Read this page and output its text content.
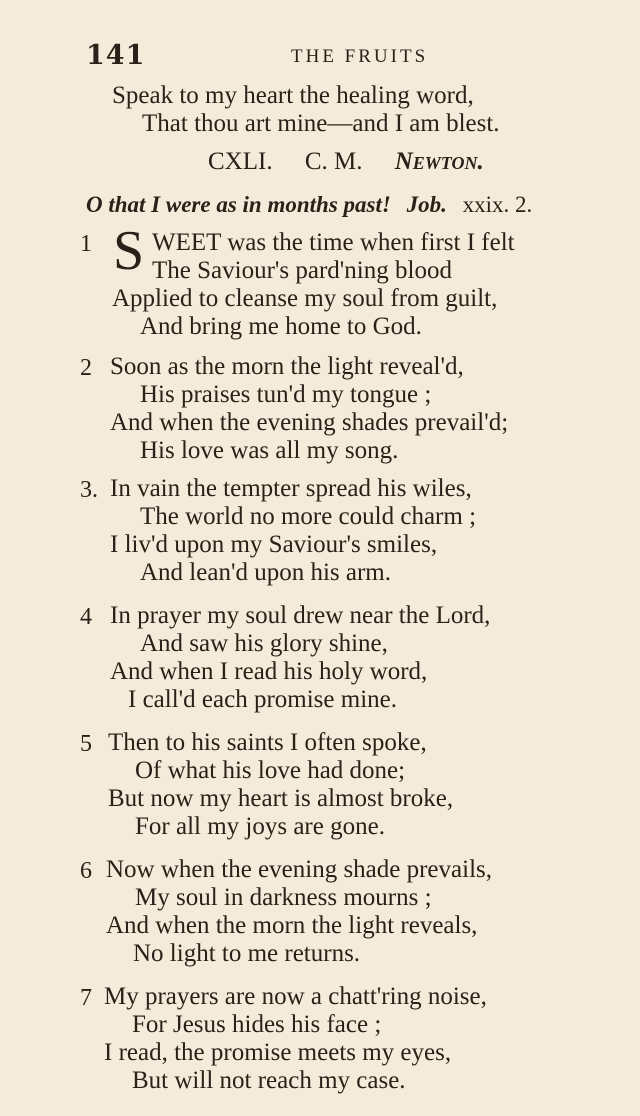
141	THE FRUITS
Speak to my heart the healing word,
That thou art mine—and I am blest.
CXLI. C. M. Newton.
O that I were as in months past! Job. xxix. 2.
1 S WEET was the time when first I felt
The Saviour's pard'ning blood
Applied to cleanse my soul from guilt,
And bring me home to God.
2 Soon as the morn the light reveal'd,
His praises tun'd my tongue ;
And when the evening shades prevail'd;
His love was all my song.
3. In vain the tempter spread his wiles,
The world no more could charm ;
I liv'd upon my Saviour's smiles,
And lean'd upon his arm.
4 In prayer my soul drew near the Lord,
And saw his glory shine,
And when I read his holy word,
I call'd each promise mine.
5 Then to his saints I often spoke,
Of what his love had done;
But now my heart is almost broke,
For all my joys are gone.
6 Now when the evening shade prevails,
My soul in darkness mourns ;
And when the morn the light reveals,
No light to me returns.
7 My prayers are now a chatt'ring noise,
For Jesus hides his face ;
I read, the promise meets my eyes,
But will not reach my case.
